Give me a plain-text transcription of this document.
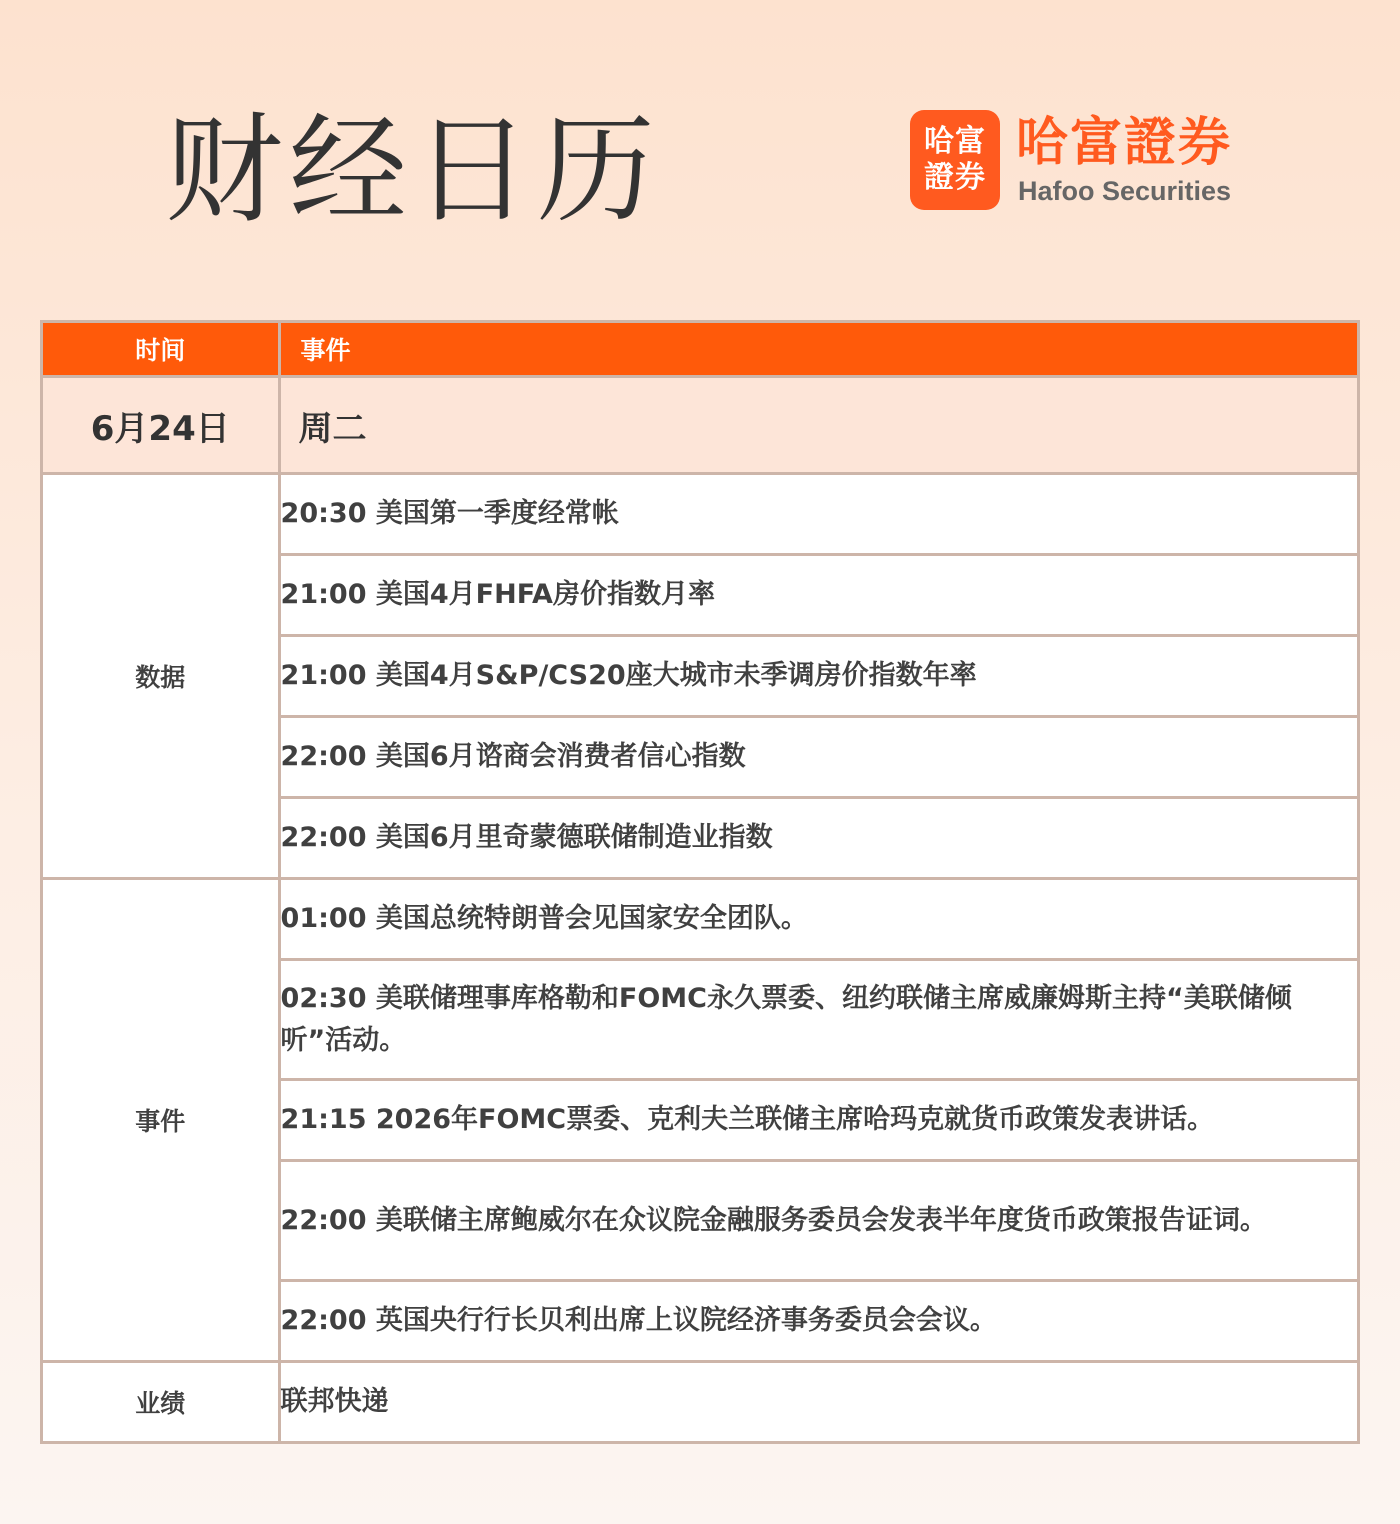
财经日历	哈富
證券
哈富證券
Hafoo Securities
时间	事件
6月24日	周二
数据	20:30 美国第一季度经常帐
	21:00 美国4月FHFA房价指数月率
	21:00 美国4月S&P/CS20座大城市未季调房价指数年率
	22:00 美国6月谘商会消费者信心指数
	22:00 美国6月里奇蒙德联储制造业指数
事件	01:00 美国总统特朗普会见国家安全团队。
	02:30 美联储理事库格勒和FOMC永久票委、纽约联储主席威廉姆斯主持“美联储倾听”活动。
	21:15 2026年FOMC票委、克利夫兰联储主席哈玛克就货币政策发表讲话。
	22:00 美联储主席鲍威尔在众议院金融服务委员会发表半年度货币政策报告证词。
	22:00 英国央行行长贝利出席上议院经济事务委员会会议。
业绩	联邦快递
